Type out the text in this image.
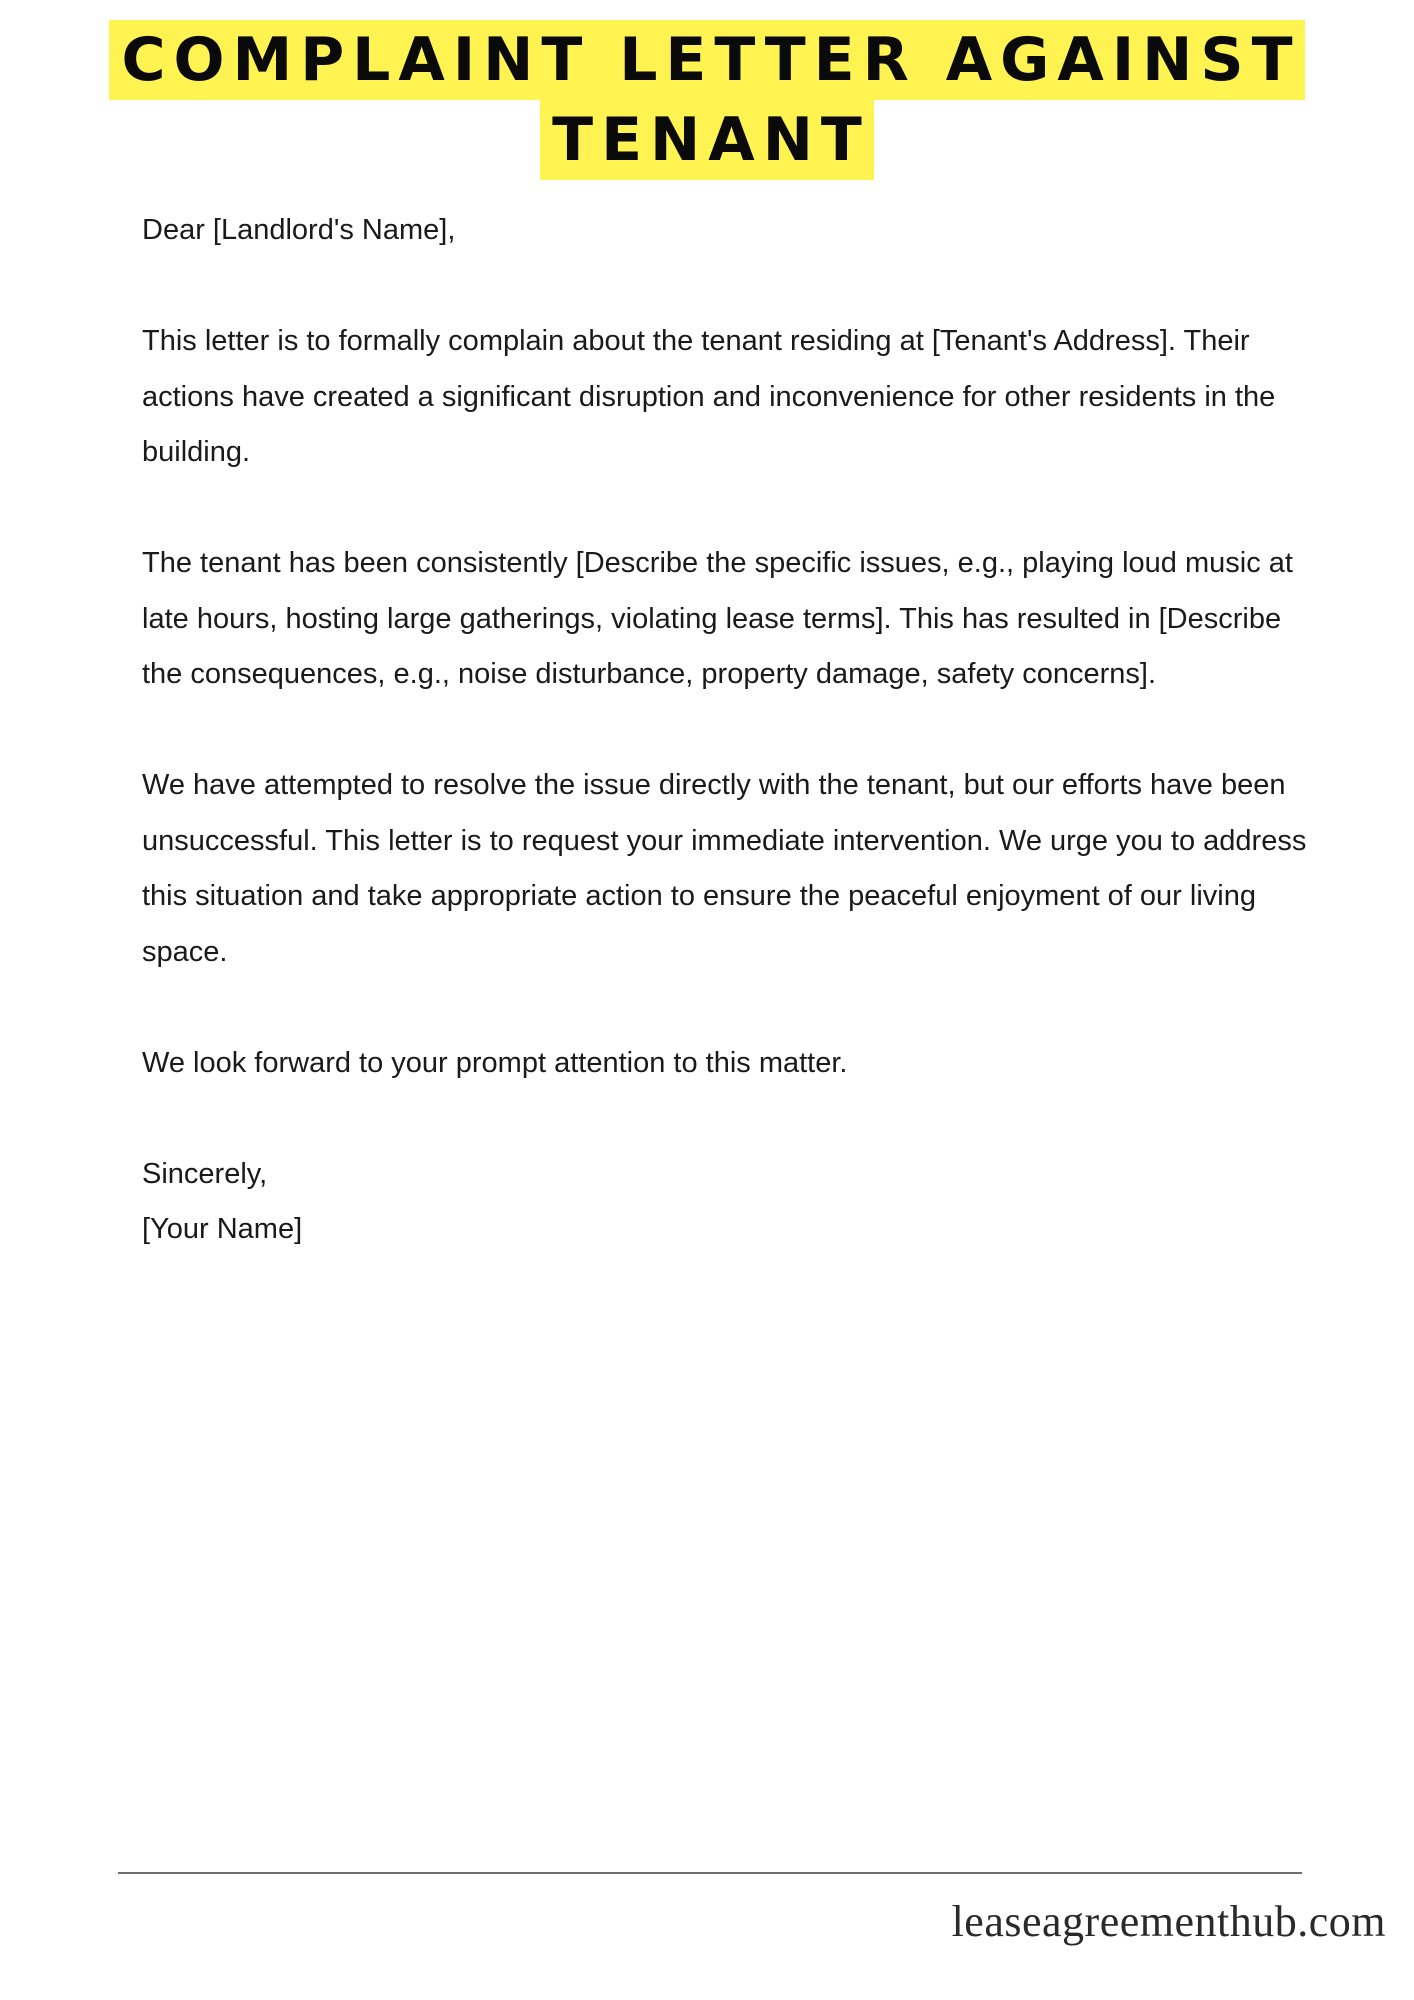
COMPLAINT LETTER AGAINST
TENANT

Dear [Landlord's Name],

This letter is to formally complain about the tenant residing at [Tenant's Address]. Their actions have created a significant disruption and inconvenience for other residents in the building.

The tenant has been consistently [Describe the specific issues, e.g., playing loud music at late hours, hosting large gatherings, violating lease terms]. This has resulted in [Describe the consequences, e.g., noise disturbance, property damage, safety concerns].

We have attempted to resolve the issue directly with the tenant, but our efforts have been unsuccessful. This letter is to request your immediate intervention. We urge you to address this situation and take appropriate action to ensure the peaceful enjoyment of our living space.

We look forward to your prompt attention to this matter.

Sincerely,
[Your Name]

leaseagreementhub.com
